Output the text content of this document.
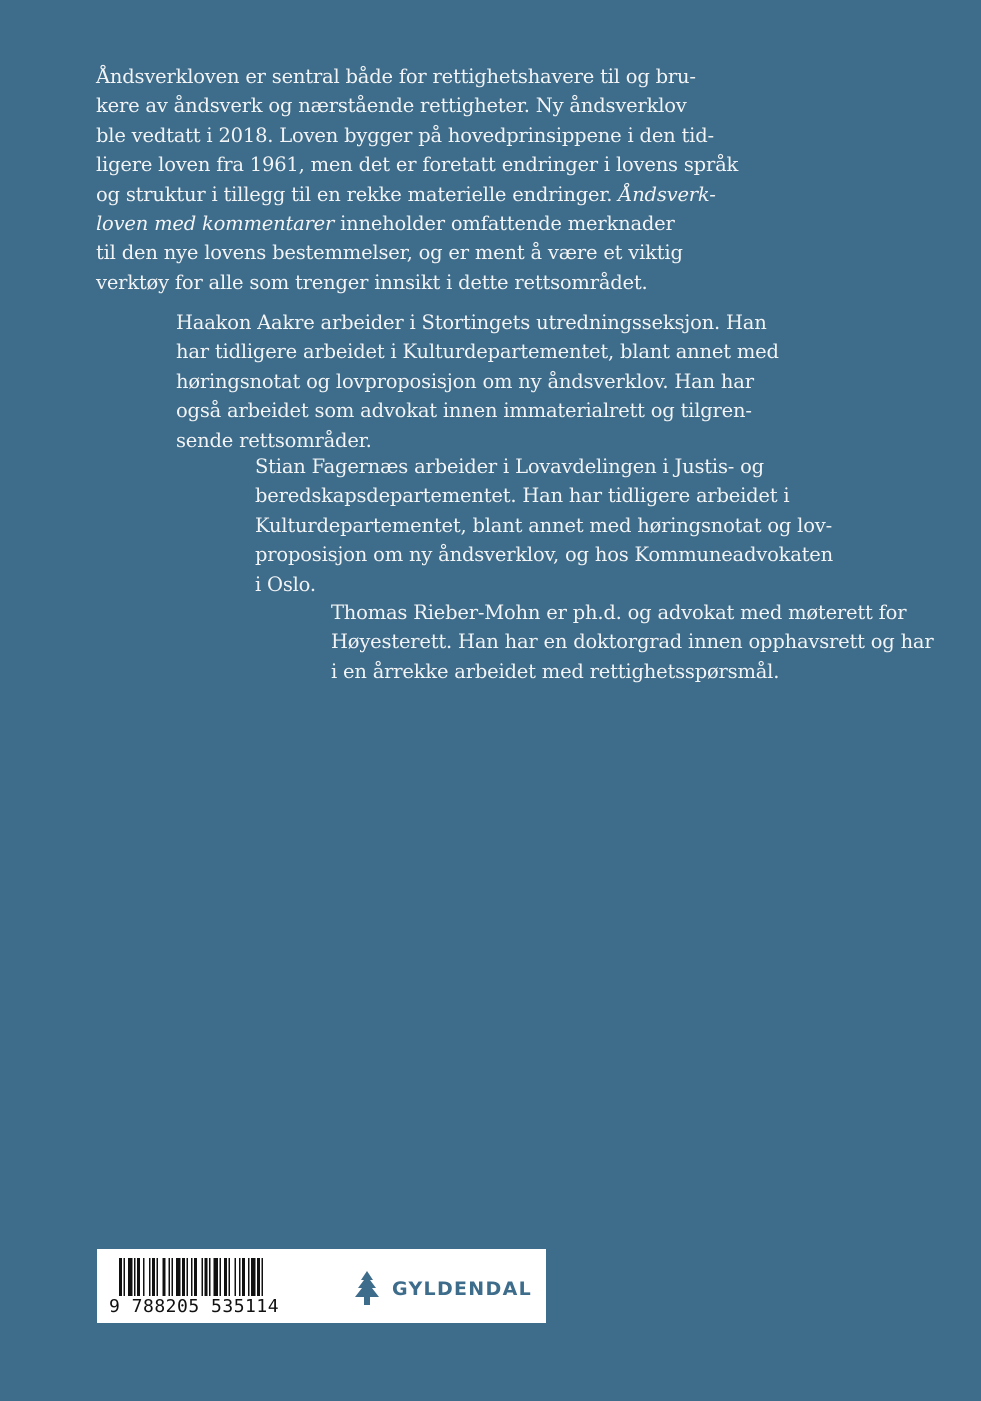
Åndsverkloven er sentral både for rettighetshavere til og bru-
kere av åndsverk og nærstående rettigheter. Ny åndsverklov
ble vedtatt i 2018. Loven bygger på hovedprinsippene i den tid-
ligere loven fra 1961, men det er foretatt endringer i lovens språk
og struktur i tillegg til en rekke materielle endringer. Åndsverk-
loven med kommentarer inneholder omfattende merknader
til den nye lovens bestemmelser, og er ment å være et viktig
verktøy for alle som trenger innsikt i dette rettsområdet.

Haakon Aakre arbeider i Stortingets utredningsseksjon. Han
har tidligere arbeidet i Kulturdepartementet, blant annet med
høringsnotat og lovproposisjon om ny åndsverklov. Han har
også arbeidet som advokat innen immaterialrett og tilgren-
sende rettsområder.

Stian Fagernæs arbeider i Lovavdelingen i Justis- og
beredskapsdepartementet. Han har tidligere arbeidet i
Kulturdepartementet, blant annet med høringsnotat og lov-
proposisjon om ny åndsverklov, og hos Kommuneadvokaten
i Oslo.

Thomas Rieber-Mohn er ph.d. og advokat med møterett for
Høyesterett. Han har en doktorgrad innen opphavsrett og har
i en årrekke arbeidet med rettighetsspørsmål.

9 788205 535114
GYLDENDAL
